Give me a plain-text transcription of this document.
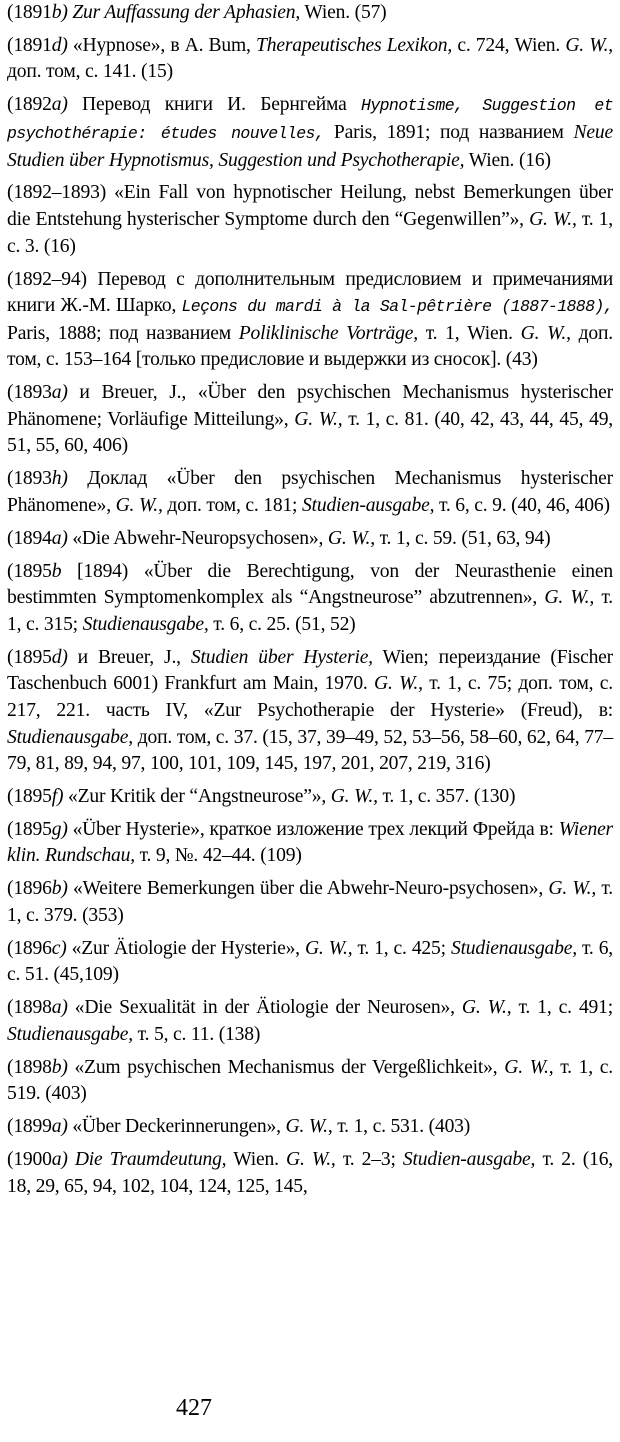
(1891b) Zur Auffassung der Aphasien, Wien. (57)

(1891d) «Hypnose», в A. Bum, Therapeutisches Lexikon, с. 724, Wien. G. W., доп. том, с. 141. (15)

(1892a) Перевод книги И. Бернгейма Hypnotisme, Suggestion et psychothérapie: études nouvelles, Paris, 1891; под названием Neue Studien über Hypnotismus, Suggestion und Psychotherapie, Wien. (16)

(1892–1893) «Ein Fall von hypnotischer Heilung, nebst Bemerkungen über die Entstehung hysterischer Symptome durch den “Gegenwillen”», G. W., т. 1, с. 3. (16)

(1892–94) Перевод с дополнительным предисловием и примечаниями книги Ж.-М. Шарко, Leçons du mardi à la Sal-pêtrière (1887-1888), Paris, 1888; под названием Poliklinische Vorträge, т. 1, Wien. G. W., доп. том, с. 153–164 [только предисловие и выдержки из сносок]. (43)

(1893a) и Breuer, J., «Über den psychischen Mechanismus hysterischer Phänomene; Vorläufige Mitteilung», G. W., т. 1, с. 81. (40, 42, 43, 44, 45, 49, 51, 55, 60, 406)

(1893h) Доклад «Über den psychischen Mechanismus hysterischer Phänomene», G. W., доп. том, с. 181; Studien-ausgabe, т. 6, с. 9. (40, 46, 406)

(1894a) «Die Abwehr-Neuropsychosen», G. W., т. 1, с. 59. (51, 63, 94)

(1895b [1894) «Über die Berechtigung, von der Neurasthenie einen bestimmten Symptomenkomplex als “Angstneurose” abzutrennen», G. W., т. 1, с. 315; Studienausgabe, т. 6, с. 25. (51, 52)

(1895d) и Breuer, J., Studien über Hysterie, Wien; переиздание (Fischer Taschenbuch 6001) Frankfurt am Main, 1970. G. W., т. 1, с. 75; доп. том, с. 217, 221. часть IV, «Zur Psychotherapie der Hysterie» (Freud), в: Studienausgabe, доп. том, с. 37. (15, 37, 39–49, 52, 53–56, 58–60, 62, 64, 77–79, 81, 89, 94, 97, 100, 101, 109, 145, 197, 201, 207, 219, 316)

(1895f) «Zur Kritik der “Angstneurose”», G. W., т. 1, с. 357. (130)

(1895g) «Über Hysterie», краткое изложение трех лекций Фрейда в: Wiener klin. Rundschau, т. 9, №. 42–44. (109)

(1896b) «Weitere Bemerkungen über die Abwehr-Neuro-psychosen», G. W., т. 1, с. 379. (353)

(1896c) «Zur Ätiologie der Hysterie», G. W., т. 1, с. 425; Studienausgabe, т. 6, с. 51. (45,109)

(1898a) «Die Sexualität in der Ätiologie der Neurosen», G. W., т. 1, с. 491; Studienausgabe, т. 5, с. 11. (138)

(1898b) «Zum psychischen Mechanismus der Vergeßlichkeit», G. W., т. 1, с. 519. (403)

(1899a) «Über Deckerinnerungen», G. W., т. 1, с. 531. (403)

(1900a) Die Traumdeutung, Wien. G. W., т. 2–3; Studien-ausgabe, т. 2. (16, 18, 29, 65, 94, 102, 104, 124, 125, 145,

427
